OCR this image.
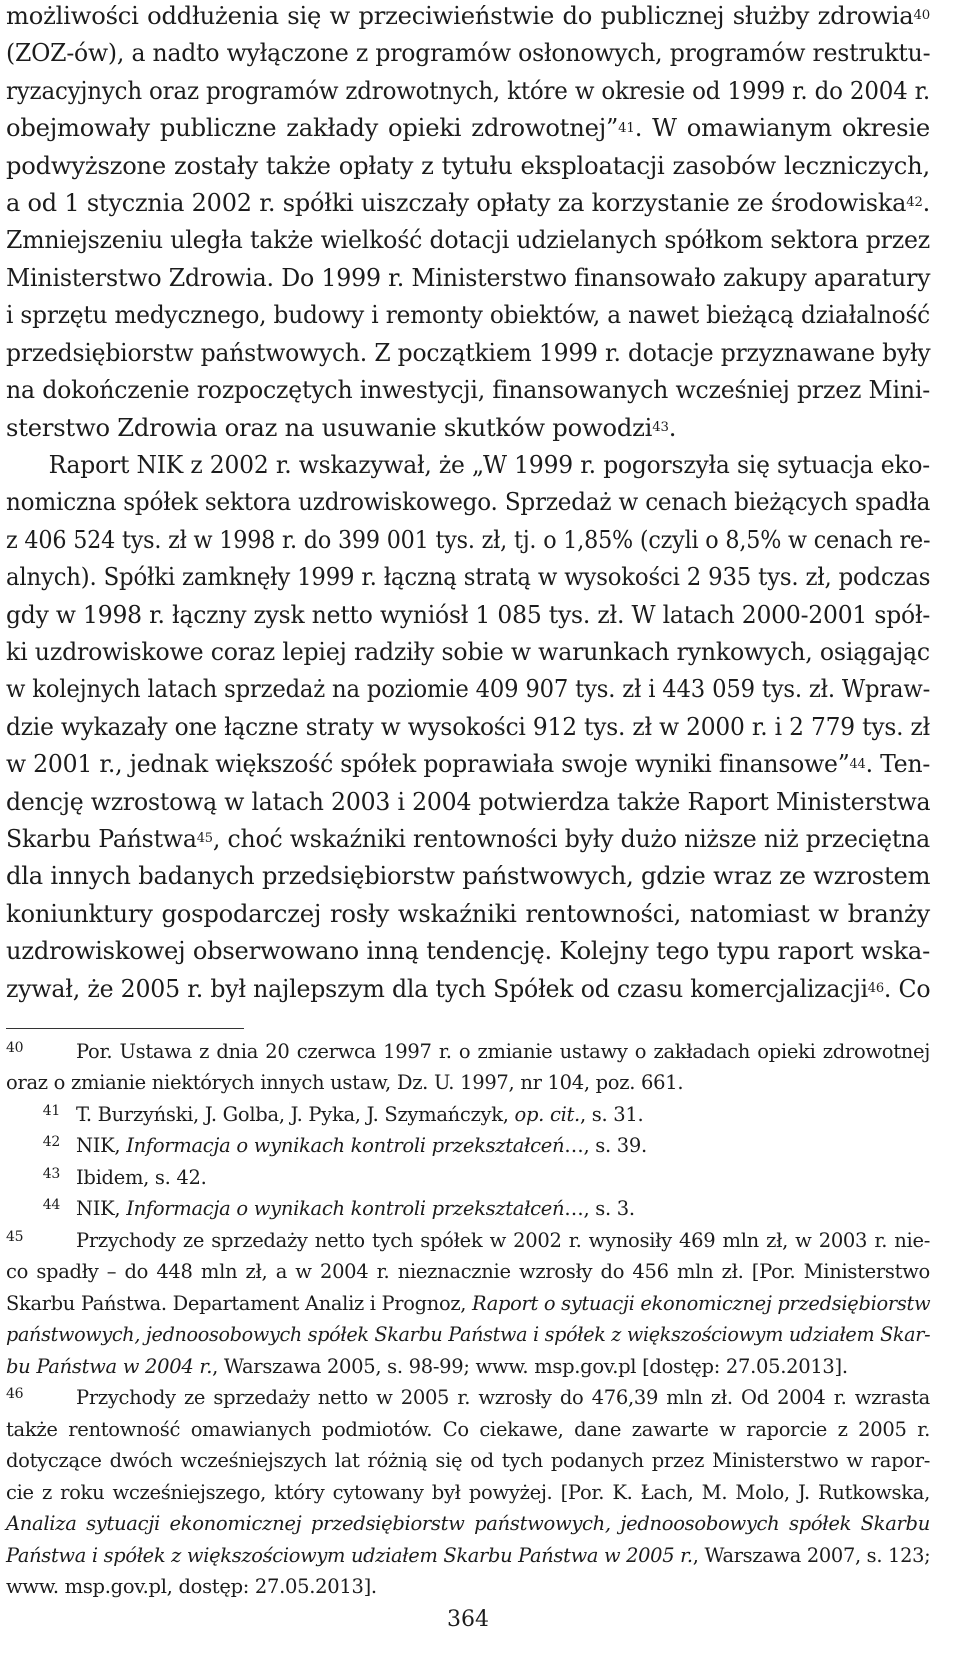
możliwości oddłużenia się w przeciwieństwie do publicznej służby zdrowia$^{40}$
(ZOZ-ów), a nadto wyłączone z programów osłonowych, programów restruktu-
ryzacyjnych oraz programów zdrowotnych, które w okresie od 1999 r. do 2004 r.
obejmowały publiczne zakłady opieki zdrowotnej”$^{41}$. W omawianym okresie
podwyższone zostały także opłaty z tytułu eksploatacji zasobów leczniczych,
a od 1 stycznia 2002 r. spółki uiszczały opłaty za korzystanie ze środowiska$^{42}$.
Zmniejszeniu uległa także wielkość dotacji udzielanych spółkom sektora przez
Ministerstwo Zdrowia. Do 1999 r. Ministerstwo finansowało zakupy aparatury
i sprzętu medycznego, budowy i remonty obiektów, a nawet bieżącą działalność
przedsiębiorstw państwowych. Z początkiem 1999 r. dotacje przyznawane były
na dokończenie rozpoczętych inwestycji, finansowanych wcześniej przez Mini-
sterstwo Zdrowia oraz na usuwanie skutków powodzi$^{43}$.
Raport NIK z 2002 r. wskazywał, że „W 1999 r. pogorszyła się sytuacja eko-
nomiczna spółek sektora uzdrowiskowego. Sprzedaż w cenach bieżących spadła
z 406 524 tys. zł w 1998 r. do 399 001 tys. zł, tj. o 1,85% (czyli o 8,5% w cenach re-
alnych). Spółki zamknęły 1999 r. łączną stratą w wysokości 2 935 tys. zł, podczas
gdy w 1998 r. łączny zysk netto wyniósł 1 085 tys. zł. W latach 2000-2001 spół-
ki uzdrowiskowe coraz lepiej radziły sobie w warunkach rynkowych, osiągając
w kolejnych latach sprzedaż na poziomie 409 907 tys. zł i 443 059 tys. zł. Wpraw-
dzie wykazały one łączne straty w wysokości 912 tys. zł w 2000 r. i 2 779 tys. zł
w 2001 r., jednak większość spółek poprawiała swoje wyniki finansowe”$^{44}$. Ten-
dencję wzrostową w latach 2003 i 2004 potwierdza także Raport Ministerstwa
Skarbu Państwa$^{45}$, choć wskaźniki rentowności były dużo niższe niż przeciętna
dla innych badanych przedsiębiorstw państwowych, gdzie wraz ze wzrostem
koniunktury gospodarczej rosły wskaźniki rentowności, natomiast w branży
uzdrowiskowej obserwowano inną tendencję. Kolejny tego typu raport wska-
zywał, że 2005 r. był najlepszym dla tych Spółek od czasu komercjalizacji$^{46}$. Co
40	Por. Ustawa z dnia 20 czerwca 1997 r. o zmianie ustawy o zakładach opieki zdrowotnej
oraz o zmianie niektórych innych ustaw, Dz. U. 1997, nr 104, poz. 661.
41 T. Burzyński, J. Golba, J. Pyka, J. Szymańczyk, op. cit., s. 31.
42 NIK, Informacja o wynikach kontroli przekształceń…, s. 39.
43 Ibidem, s. 42.
44 NIK, Informacja o wynikach kontroli przekształceń…, s. 3.
45	Przychody ze sprzedaży netto tych spółek w 2002 r. wynosiły 469 mln zł, w 2003 r. nie-
co spadły – do 448 mln zł, a w 2004 r. nieznacznie wzrosły do 456 mln zł. [Por. Ministerstwo
Skarbu Państwa. Departament Analiz i Prognoz, Raport o sytuacji ekonomicznej przedsiębiorstw
państwowych, jednoosobowych spółek Skarbu Państwa i spółek z większościowym udziałem Skar-
bu Państwa w 2004 r., Warszawa 2005, s. 98-99; www. msp.gov.pl [dostęp: 27.05.2013].
46	Przychody ze sprzedaży netto w 2005 r. wzrosły do 476,39 mln zł. Od 2004 r. wzrasta
także rentowność omawianych podmiotów. Co ciekawe, dane zawarte w raporcie z 2005 r.
dotyczące dwóch wcześniejszych lat różnią się od tych podanych przez Ministerstwo w rapor-
cie z roku wcześniejszego, który cytowany był powyżej. [Por. K. Łach, M. Molo, J. Rutkowska,
Analiza sytuacji ekonomicznej przedsiębiorstw państwowych, jednoosobowych spółek Skarbu
Państwa i spółek z większościowym udziałem Skarbu Państwa w 2005 r., Warszawa 2007, s. 123;
www. msp.gov.pl, dostęp: 27.05.2013].
364
